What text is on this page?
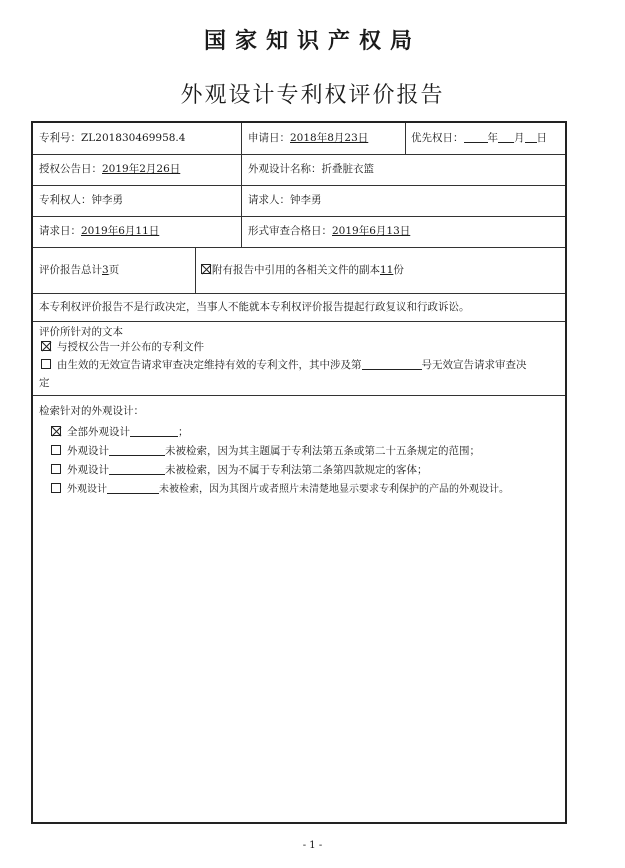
国家知识产权局
外观设计专利权评价报告
专利号：ZL201830469958.4	申请日：2018年8月23日	优先权日： 年 月 日
授权公告日：2019年2月26日	外观设计名称：折叠脏衣篮
专利权人：钟李勇	请求人：钟李勇
请求日：2019年6月11日	形式审查合格日：2019年6月13日
评价报告总计3页	附有报告中引用的各相关文件的副本11份
本专利权评价报告不是行政决定，当事人不能就本专利权评价报告提起行政复议和行政诉讼。
评价所针对的文本
与授权公告一并公布的专利文件
由生效的无效宣告请求审查决定维持有效的专利文件，其中涉及第	号无效宣告请求审查决
定
检索针对的外观设计：
全部外观设计	；
外观设计	未被检索，因为其主题属于专利法第五条或第二十五条规定的范围；
外观设计	未被检索，因为不属于专利法第二条第四款规定的客体；
外观设计	未被检索，因为其图片或者照片未清楚地显示要求专利保护的产品的外观设计。
- 1 -
